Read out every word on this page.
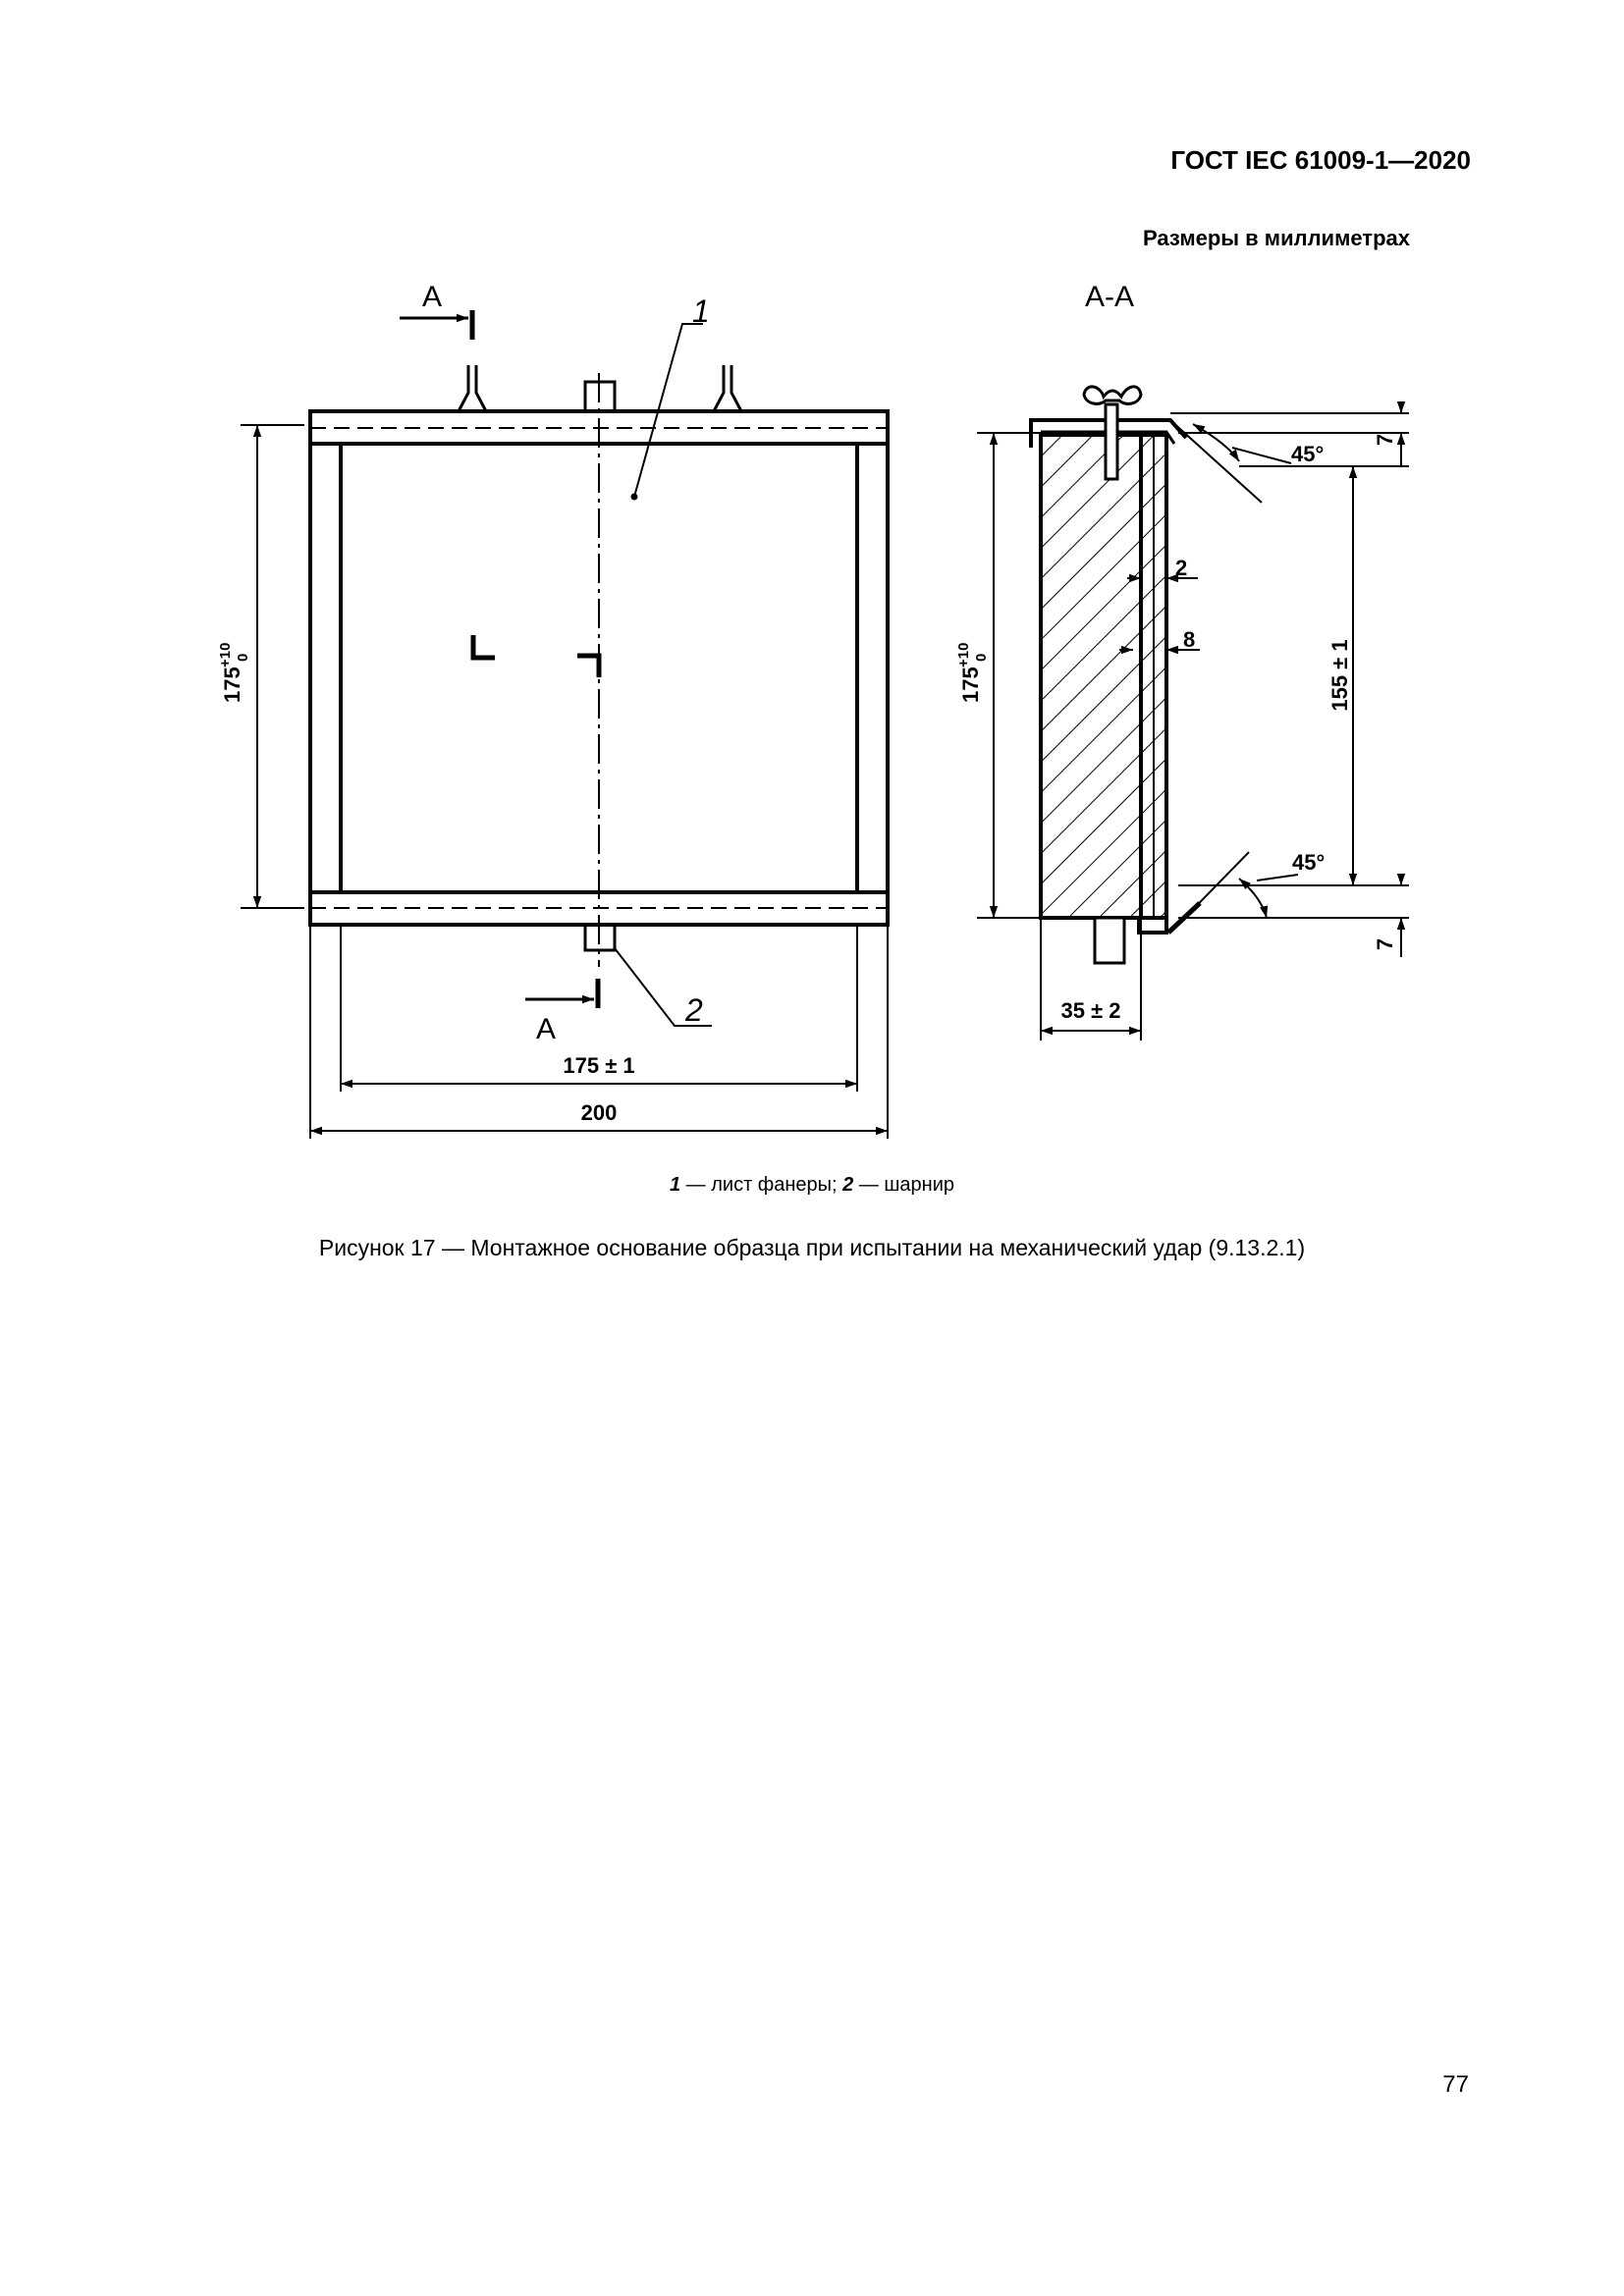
ГОСТ IEC 61009-1—2020
Размеры в миллиметрах
А
А
1
2
175
+10 0
175 ± 1
200
А-А
175
+10 0
2
8
35 ± 2
155 ± 1
45°
45°
7
7
1 — лист фанеры; 2 — шарнир
Рисунок 17 — Монтажное основание образца при испытании на механический удар (9.13.2.1)
77
